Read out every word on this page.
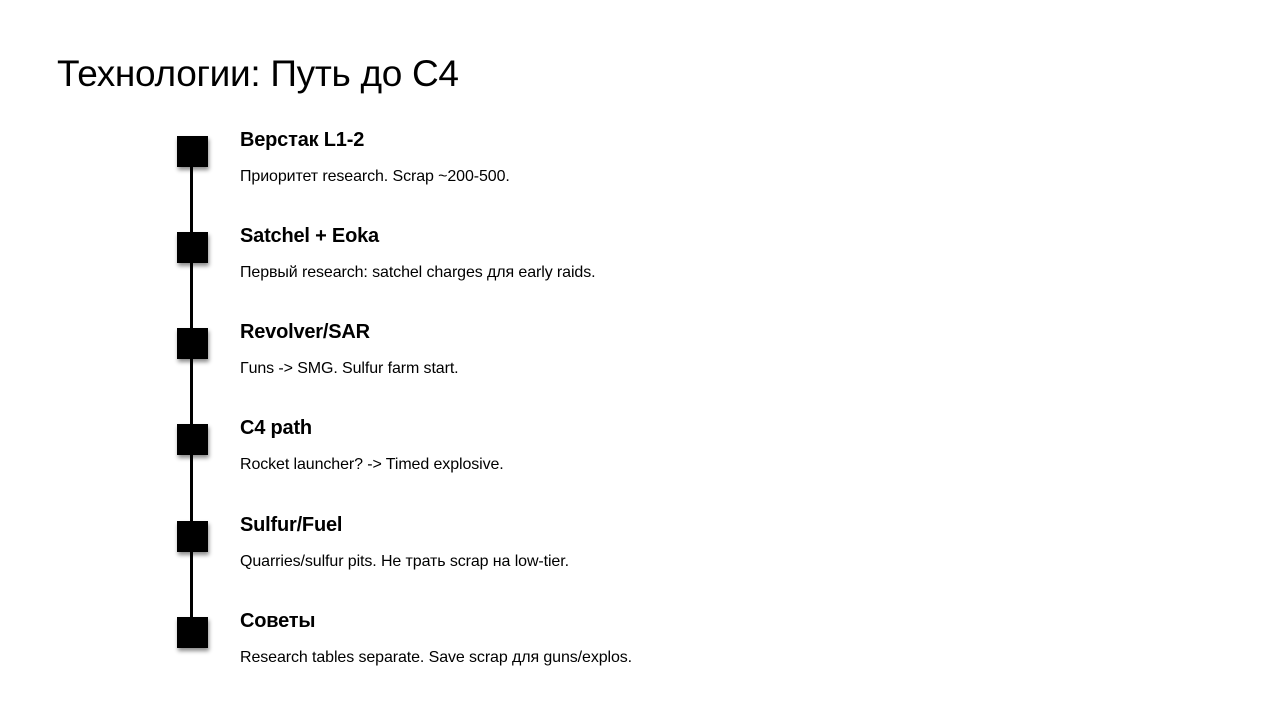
Технологии: Путь до C4
Верстак L1-2

Приоритет research. Scrap ~200-500.

Satchel + Eoka

Первый research: satchel charges для early raids.

Revolver/SAR

Гuns -> SMG. Sulfur farm start.

C4 path

Rocket launcher? -> Timed explosive.

Sulfur/Fuel

Quarries/sulfur pits. Не трать scrap на low-tier.

Советы

Research tables separate. Save scrap для guns/explos.
